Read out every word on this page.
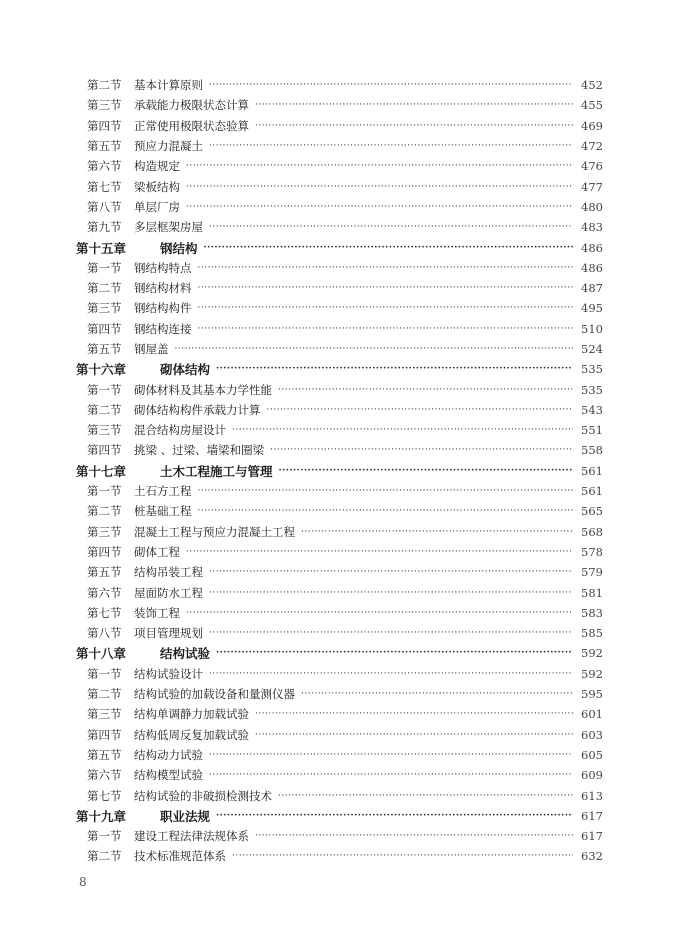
第二节	基本计算原则 ·····	452
第三节	承载能力极限状态计算 ·····	455
第四节	正常使用极限状态验算 ·····	469
第五节	预应力混凝土 ·····	472
第六节	构造规定 ·····	476
第七节	梁板结构 ·····	477
第八节	单层厂房 ·····	480
第九节	多层框架房屋 ·····	483
第十五章	钢结构 ·····	486
第一节	钢结构特点 ·····	486
第二节	钢结构材料 ·····	487
第三节	钢结构构件 ·····	495
第四节	钢结构连接 ·····	510
第五节	钢屋盖 ·····	524
第十六章	砌体结构 ·····	535
第一节	砌体材料及其基本力学性能 ·····	535
第二节	砌体结构构件承载力计算 ·····	543
第三节	混合结构房屋设计 ·····	551
第四节	挑梁 、过梁、墙梁和圈梁 ·····	558
第十七章	土木工程施工与管理 ·····	561
第一节	土石方工程 ·····	561
第二节	桩基础工程 ·····	565
第三节	混凝土工程与预应力混凝土工程 ·····	568
第四节	砌体工程 ·····	578
第五节	结构吊装工程 ·····	579
第六节	屋面防水工程 ·····	581
第七节	装饰工程 ·····	583
第八节	项目管理规划 ·····	585
第十八章	结构试验 ·····	592
第一节	结构试验设计 ·····	592
第二节	结构试验的加载设备和量测仪器 ·····	595
第三节	结构单调静力加载试验 ·····	601
第四节	结构低周反复加载试验 ·····	603
第五节	结构动力试验 ·····	605
第六节	结构模型试验 ·····	609
第七节	结构试验的非破损检测技术 ·····	613
第十九章	职业法规 ·····	617
第一节	建设工程法律法规体系 ·····	617
第二节	技术标准规范体系 ·····	632
8
